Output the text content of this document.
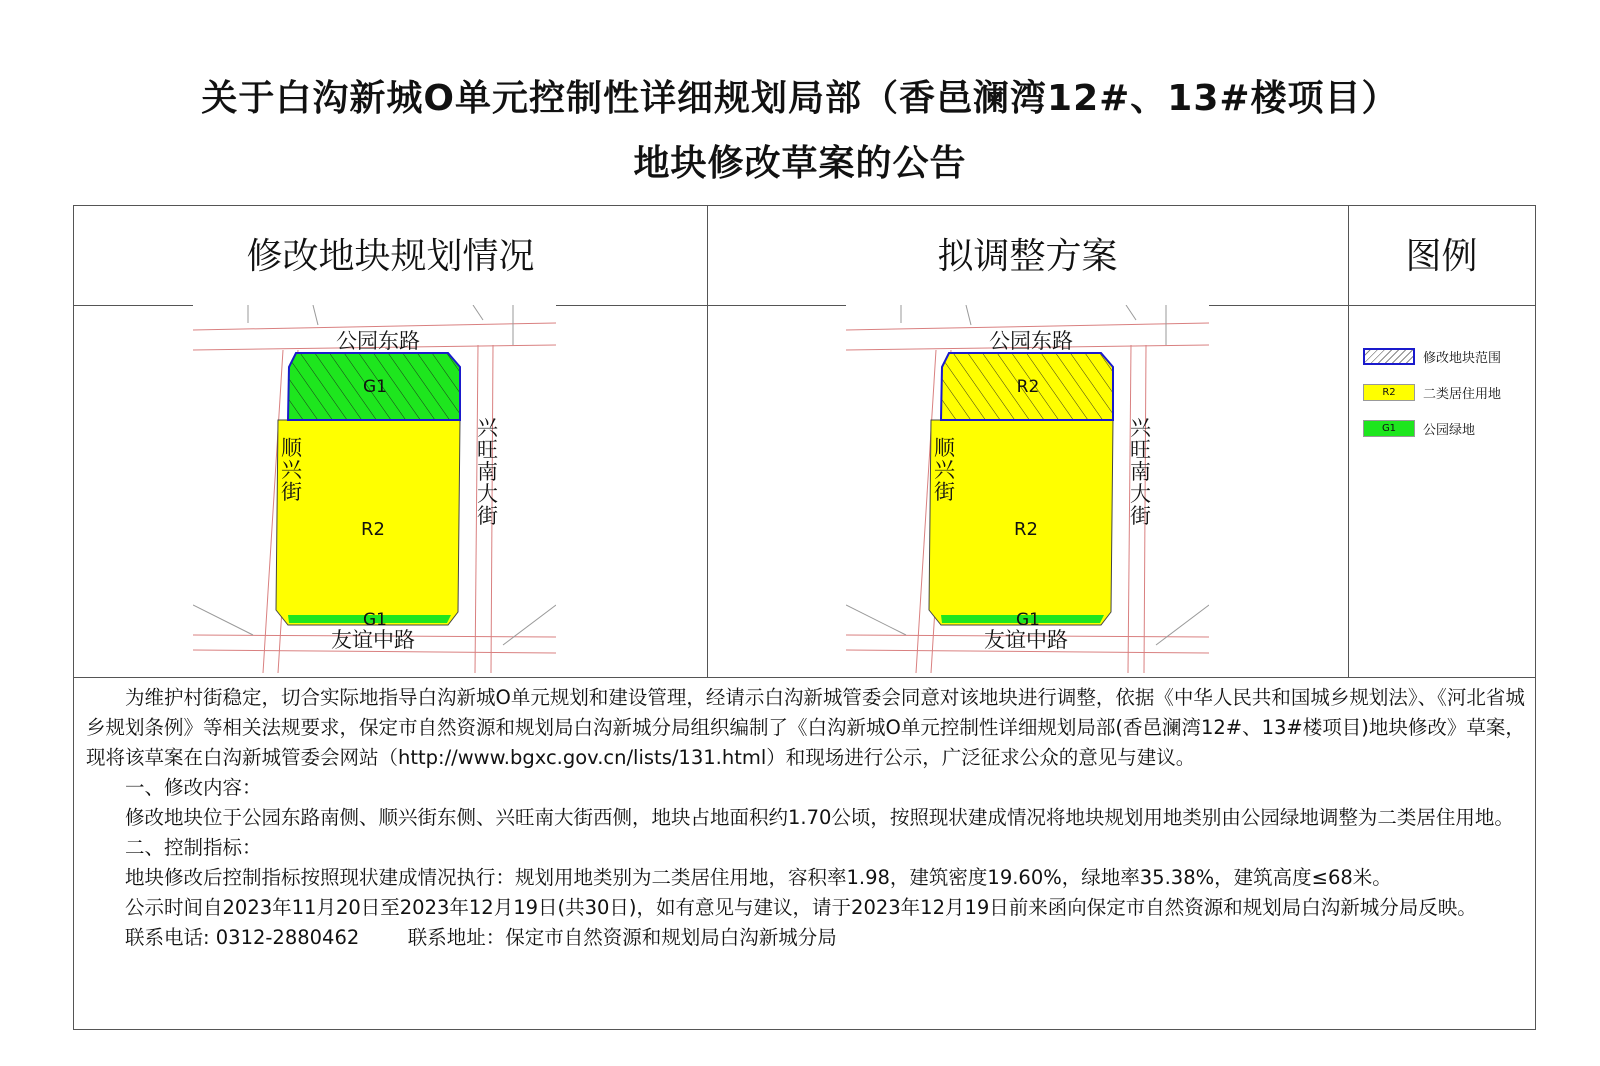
关于白沟新城O单元控制性详细规划局部（香邑澜湾12#、13#楼项目）
地块修改草案的公告
修改地块规划情况	拟调整方案	图例
公园东路
友谊中路
G1
R2
G1
顺兴街
兴旺南大街
公园东路
友谊中路
R2
R2
G1
顺兴街
兴旺南大街
修改地块范围
R2	二类居住用地
G1	公园绿地

为维护村街稳定，切合实际地指导白沟新城O单元规划和建设管理，经请示白沟新城管委会同意对该地块进行调整，依据《中华人民共和国城乡规划法》、《河北省城乡规划条例》等相关法规要求，保定市自然资源和规划局白沟新城分局组织编制了《白沟新城O单元控制性详细规划局部(香邑澜湾12#、13#楼项目)地块修改》草案，现将该草案在白沟新城管委会网站（http://www.bgxc.gov.cn/lists/131.html）和现场进行公示，广泛征求公众的意见与建议。

一、修改内容：

修改地块位于公园东路南侧、顺兴街东侧、兴旺南大街西侧，地块占地面积约1.70公顷，按照现状建成情况将地块规划用地类别由公园绿地调整为二类居住用地。

二、控制指标：

地块修改后控制指标按照现状建成情况执行：规划用地类别为二类居住用地，容积率1.98，建筑密度19.60%，绿地率35.38%，建筑高度≤68米。

公示时间自2023年11月20日至2023年12月19日(共30日)，如有意见与建议，请于2023年12月19日前来函向保定市自然资源和规划局白沟新城分局反映。

联系电话: 0312-2880462 联系地址：保定市自然资源和规划局白沟新城分局
